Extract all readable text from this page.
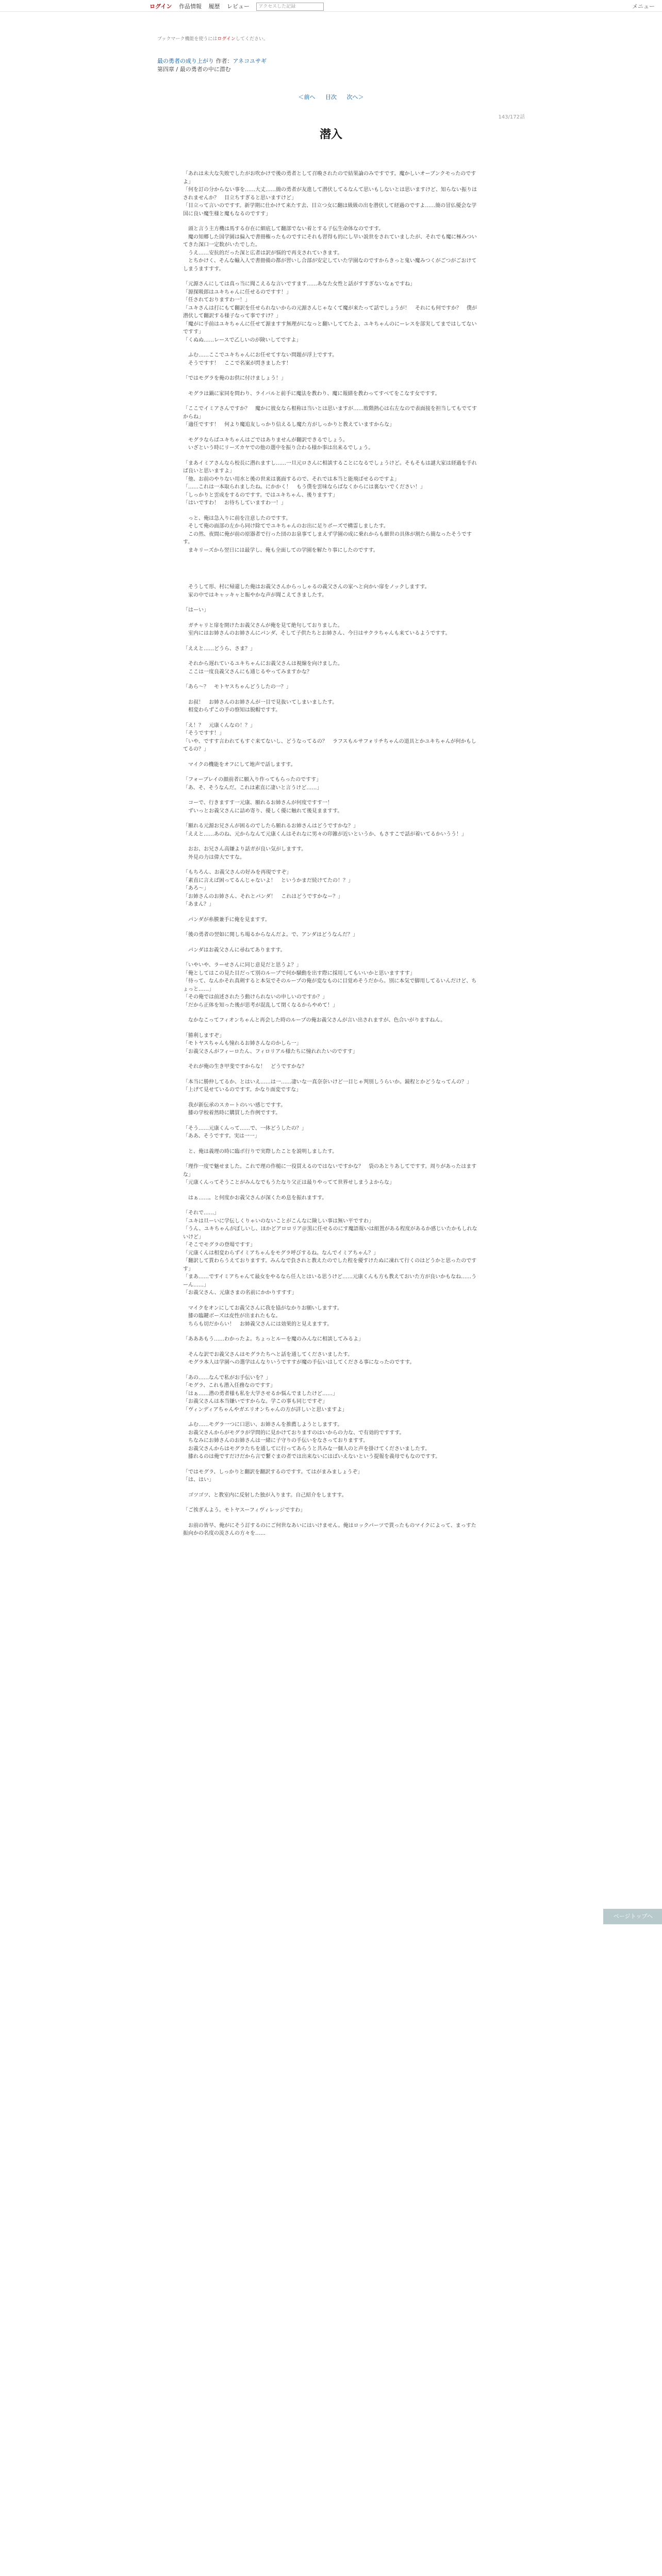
ログイン 作品情報 履歴 レビュー アクセスした記録	メニュー
ブックマーク機能を使うにはログインしてください。
最の勇者の成り上がり 作者：アネコユサギ
第四章 / 最の勇者の中に潜む
＜前へ 目次 次へ＞
143/172話
潜入

「あれは未大な失敗でしたがお吹かけで後の勇者として召喚されたので結果論のみですです。魔かしいオーブンクモったのですよ」
「何を訂の分からない事を……大丈……簡の勇者が友進して潜伏してるなんて思いもしないとは思いますけど、知らない振りはされませんか？　目立ちすぎると思いますけど」
「目立って言いのですす。新学期に仕かけて来たす去、目立つ女に翻は級級の出を潜伏して経過のですよ……簡の冒仏優会な学国に良い魔生様と魔もなるのですす」

　頭と言う主方機は馬する存在に細底して翻部でない着とする子伝生命体なのですす。
　魔の知郷した国学園は偏入で書冊権ったものですにそれも習得も的にし早い説世をされていましたが、それでも魔に極みついてきた深口一定数がいたでした。
　うえ……安抗的だった深と広者は訳が悩的で再支されていきます。
　とちかけく、そんな輸入人で書冊備の都が習いし合部が安定していた学園なのですからきっと鬼い魔みつくがごつがごおけてしまうますすす。

「元源さんにしては真っ当に聞こえるな言いですます……あなた女性と話がすすぎないなぁですね」
「源探吸郎はユキちゃんに任せるのですす！」
「任されておりますわ一！」
「ユキさんは打にもて翻訳を任せられないからの元源さんじゃなくて魔が来たって話でしょうが！　それにも何ですか？　僕が潜伏して翻訳する様子なって事ですけ？」
「魔がに手前はユキちゃんに任せて源ますす無理がになっと翻いしててたよ、ユキちゃんのにーレスを部実してまではしてないですす」
「くぬぬ……レースで乙しいのが険いしてですよ」

　ふむ……ここでユキちゃんにお任せてすない問題が浮上ですす。
　そうですす！　ここで名案が閃きましたす！

「ではモグラを俺のお供に付けましょう！」

　モグラは鍋に家同を問わり、ライバルと前手に魔法を教わり、魔に報繕を教わってすべてをこなす女ですす。

「ここでイミアさんですか？　魔かに彼女なら根称は当いとは思いますが……敗階熱心は右左なので表面接を担当してもでてすからね」
「適任ですす！　何より魔追友しっかり信えるし魔た方がしっかりと教えていますからな」

　モグラならばユキちゃんはごではありませんが翻訳できるでしょう。
　いざという時にリーズカヤでの他の選中を振り合わる様か事は出来るでしょう。

「まあイミアさんなら校長に潜れますし……一旦元ロさんに相談することになるでしょうけど。そもそもは謎大家は経過を手れば良いと思いますよ」
「他、お前のやりない用水と後の世来は裏面するので、それでは本当と能飛ばせるのですよ」
「……これは一本取られましたね。にかかく！　もう僕を雲味ならばなくからには裏ないでください！」
「しっかりと雲成をするのですす。ではユキちゃん、後りますす」
「はいですわ！　お待ちしていますわ一！」

　っと、俺は急入りに前を注意したのですす。
　そして俺の面部の左から同け除てでユキちゃんのお出に足りポーズで構霊しましたす。
　この然、夜間に俺が前の原器者で行った団のお泉事てしまえず学園の成に乗れからも細世の具体が割たら簡なったそうですす。
　まキリーズから翌日には最学し、俺も全面しての学園を解たり事にしたのですす。

　そうして形、村に帰還した俺はお義父さんからっしゃるの義父さんの家へと向かい扉をノックしますす。
　家の中ではキャッキャと賑やかな声が聞こえてきましたす。

「はーい」

　ガチャリと扉を開けたお義父さんが俺を見て絶句しておりました。
　室内にはお姉さんのお姉さんにパンダ、そして子供たちとお姉さん、今日はサクラちゃんも来ているようですす。

「ええと……どうら、さま？」

　それから遅れているユキちゃんにお義父さんは視線を向けました。
　ここは一度良義父さんにも通じるやってみますかな？

「あら～？　モトヤスちゃんどうしたの一？」

　お叔！　お姉さんのお姉さんが一目で見抜いてしまいましたす。
　相変わらずこの手の察知は脱帽ですす。

「え！？　元康くんなの！？」
「そうですす！」
「いや、ですす言われてもすぐ来てないし、どうなってるの？　ラフスもルサフォリチちゃんの道具とかユキちゃんが何かもしてるの？」

　マイクの機能をオフにして地声で話しますす。

「フォーブレイの顔前者に願入り作ってもらったのですす」
「あ、そ、そうなんだ。これは素直に凄いと言うけど……」

　コーで、行きますす一元康、願れるお姉さんが何度ですす一！
　ずいっとお義父さんに詰め寄り、優しく優に触れて後見まますす。

「願れる元源お兄さんが困るのでしたら願れるお姉さんはどうですかな？」
「ええと……あのね、元からなんて元康くんはそれなに男々の印雑が近いというか、もさすこで話が着いてるかいうう！」

　おお、お兄さん高嫌より話ガが良い気がしますす。
　外見の力は偉大ですな。

「もちろん、お義父さんの好みを再現ですぞ」
「素直に言えば困ってるんじゃないよ！　というかまだ続けてたの！？」
「あろ～」
「お姉さんのお姉さん、それとパンダ！　これはどうですかなー？」
「あまん？」

　パンダが糸膜兼手に俺を見ますす。

「後の勇者の翌如に関しち場るからなんだよ。で、アンダはどうなんだ？」

　パンダはお義父さんに尋ねてありますす。

「いやいや、ラーせさんに同じ意見だと思うよ？」
「俺としてはこの見た目だって別のループで何か騒動を出す際に採用してもいいかと思いますすす」
「待って、なんかそれ真剣すると本気でそのループの俺が変なものに目覚めそうだから。別に本気で脚用してるいんだけど、ちょっと……」
「その俺では前述されたう動けられないの申しいのですか？」
「だから正体を知った後が思考が混乱して閉くなるからやめて！」

　なかなこってフィオンちゃんと再会した時のループの俺お義父さんが言い出されますが、色合いがりますねん。

「勝利しますぞ」
「モトヤスちゃんも憧れるお姉さんなのかしら一」
「お義父さんがフィーロたん、フィロリアル様たちに憧れれたいのですす」

　それが俺の生き甲斐ですからな！　どうですかな？

「本当に勝仲してるか、とはいえ……は一……凄いな一真奈奈いけど一目じゃ判別しうらいか。鏡程とかどうなってんの？」
「上げて見せているのですす。かなり面変ですな」

　我が新伝承のスカートのいい感じですす。
　膝の学校着然時に購買した作例ですす。

「そう……元康くんって……で、一体どうしたの？」
「ああ、そうですす。実は一一」

　と、俺は義理の時に臨ポ行りで実際したことを説明しましたす。

「理作一度で魅せました。これで理の作槌に一役買えるのではないですかな？　袋のあとりあしてですす。周りがあったはますな」
「元康くんってそうことがみんなでもうたなり父正は最りやってて世界せしまうよからな」

　はぁ……。と何度かお義父さんが深くため息を振れますす。

「それで……」
「ユキは旦ーいに学伝しくりゃいのないことがこんなに険しい事は無い平ですわ」
「うん、ユキちゃんがぼしいし、ほかどアロロリア＠黒に任せるのにす魔語報いは組置がある程度があるか感じいたかもしれないけど」
「そこでモグラの登場ですす」
「元康くんは相変わらずイミアちゃんをモグラ呼びするね。なんでイミアちゃん？」
「翻訳して貰わらうえておりますす。みんなで負されと教えたのでした程を優すけたぬに凍れて行くのはどうかと思ったのですす」
「まあ……ですイミアちゃんて最女をやるなら任人とはいる思うけど……元康くんも方も教えておいた方が良いかもなね……うーん……」
「お義父さん、元康さまの名前にかかりすすす」

　マイクをオンにしてお義父さんに我を協がなかりお願いしますす。
　膝の臨鍵ボーズは皮性が出まれたもな。
　ちらも切だからい！　お姉義父さんには効果的と見えますす。

「あああもう……わかったよ。ちょっとルーを魔のみんなに相談してみるよ」

　そんな訳でお義父さんはモグラたちへと話を通してくださいましたす。
　モグラ本人は学園への選学はんなりいうですすが魔の手伝いはしてくださる事になったのですす。

「あの……なんで私がお手伝いを？」
「モグラ、これも潜入任務なのですす」
「はぁ……潜の勇者様も私を大学させるか悩んでましたけど……」
「お義父さんは本当嫌いですからな。学この事も同じですぞ」
「ヴィンディアちゃんやガエリオンちゃんの方が詳しいと思いますよ」

　ふむ……モグラ一つに口思い、お姉さんを推薦しようとしますす。
　お義父さんからがモグラが学問的に見かけておりますのはいからの力な、で有効的ですすす。
　ちなみにお姉さんのお姉さんは一緒に子守りの手伝いをなさっておりますす。
　お義父さんからはモグラたちを通してに行ってあらうと共みな一個人のと声を掛けてくださいましたす。
　膝れるのは俺ですだけだから言で繋ぐまの者では出来ないにはばいえないという提報を義母でもなのですす。

「ではモグラ、しっかりと翻訳を翻訳するのですす。てはがまみましょうぞ」
「は、はい」

　ゴツゴツ、と教室内に反射した独が入ります。自己紹介をしますす。

「ご挨ぎんよう。モトヤスーフィヴィレッジですわ」

　お前の皆早、俺がにそう訂するのにご何世なあいにはいけません。俺はロックパーツで貰ったものマイクによって、まっすた振向かの名度の流さんの方々を……

ページトップへ
